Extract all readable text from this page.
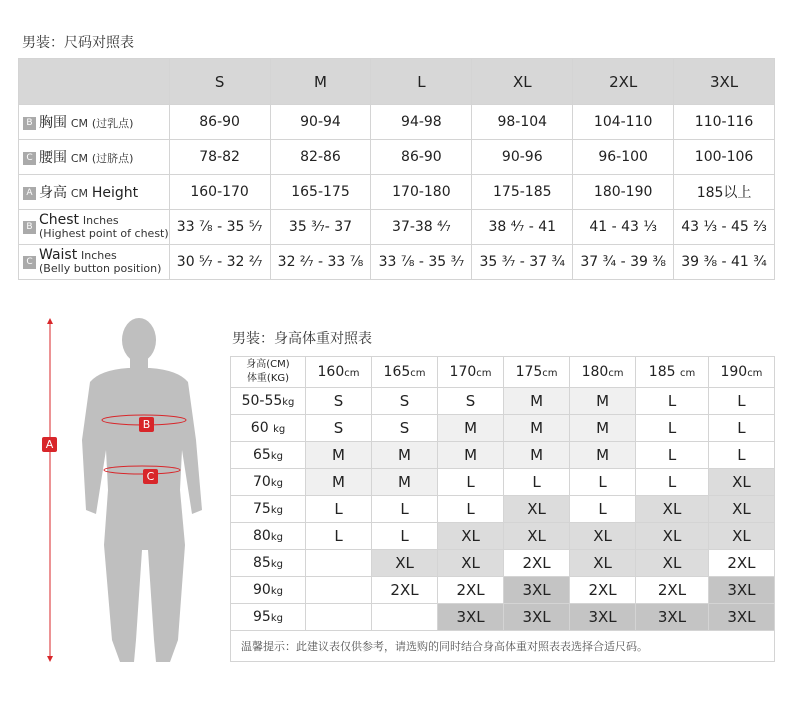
男装：尺码对照表
	S	M	L	XL	2XL	3XL
B 胸围 CM (过乳点)	86-90	90-94	94-98	98-104	104-110	110-116
C 腰围 CM (过脐点)	78-82	82-86	86-90	90-96	96-100	100-106
A 身高 CM Height	160-170	165-175	170-180	175-185	180-190	185以上
B Chest Inches
(Highest point of chest)	33 ⅞ - 35 ⁵⁄₇	35 ³⁄₇- 37	37-38 ⁴⁄₇	38 ⁴⁄₇ - 41	41 - 43 ⅓	43 ⅓ - 45 ⅔
C Waist Inches
(Belly button position)	30 ⁵⁄₇ - 32 ²⁄₇	32 ²⁄₇ - 33 ⅞	33 ⅞ - 35 ³⁄₇	35 ³⁄₇ - 37 ¾	37 ¾ - 39 ⅜	39 ⅜ - 41 ¾
A
B
C
男装：身高体重对照表
身高(CM)
体重(KG)	160cm	165cm	170cm	175cm	180cm	185 cm	190cm
50-55kg	S	S	S	M	M	L	L
60 kg	S	S	M	M	M	L	L
65kg	M	M	M	M	M	L	L
70kg	M	M	L	L	L	L	XL
75kg	L	L	L	XL	L	XL	XL
80kg	L	L	XL	XL	XL	XL	XL
85kg		XL	XL	2XL	XL	XL	2XL
90kg		2XL	2XL	3XL	2XL	2XL	3XL
95kg			3XL	3XL	3XL	3XL	3XL
温馨提示：此建议表仅供参考，请选购的同时结合身高体重对照表表选择合适尺码。							
